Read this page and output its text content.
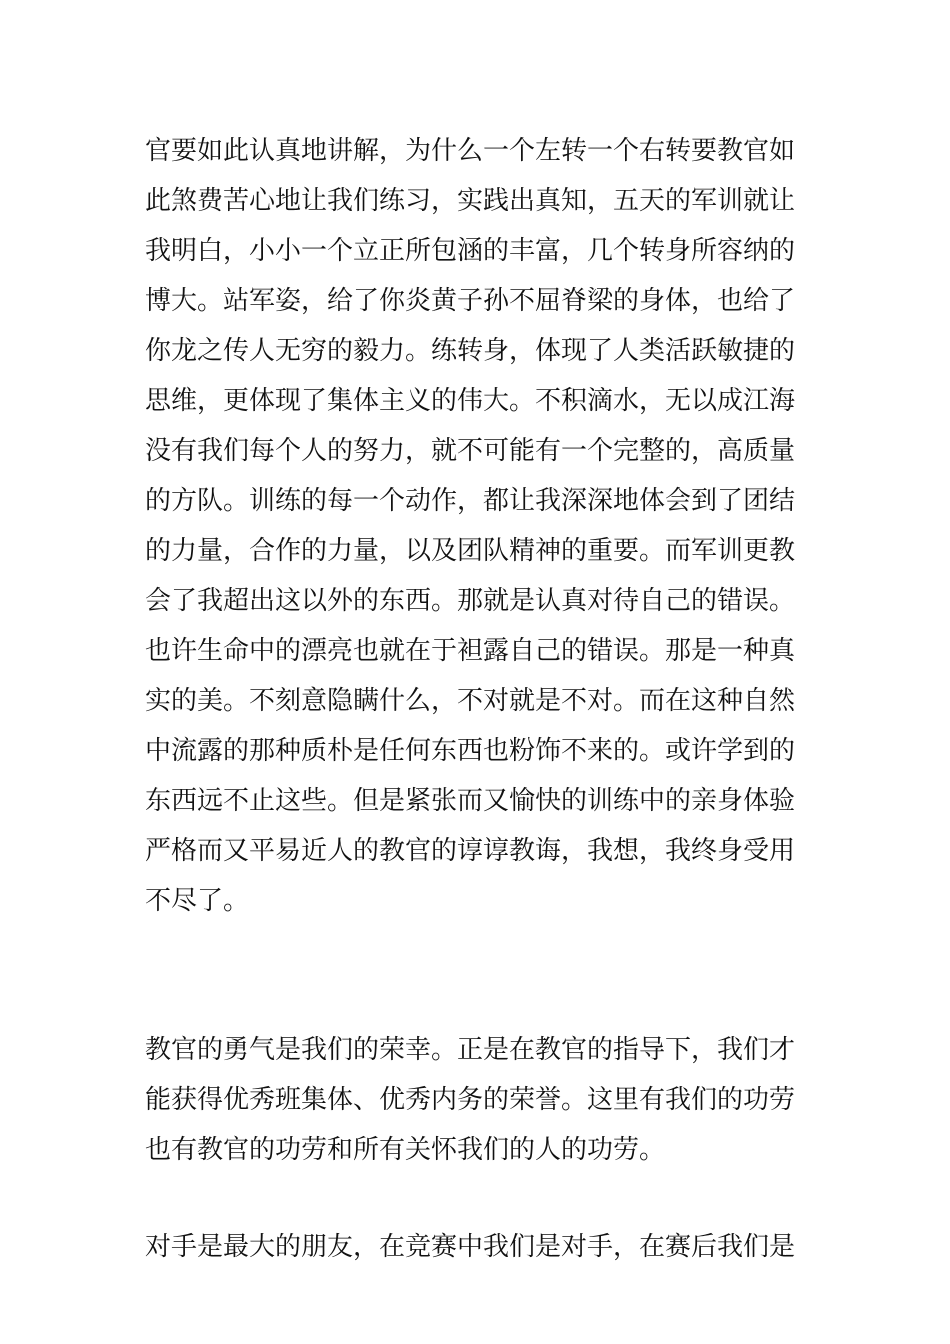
官要如此认真地讲解，为什么一个左转一个右转要教官如
此煞费苦心地让我们练习，实践出真知，五天的军训就让
我明白，小小一个立正所包涵的丰富，几个转身所容纳的
博大。站军姿，给了你炎黄子孙不屈脊梁的身体，也给了
你龙之传人无穷的毅力。练转身，体现了人类活跃敏捷的
思维，更体现了集体主义的伟大。不积滴水，无以成江海
没有我们每个人的努力，就不可能有一个完整的，高质量
的方队。训练的每一个动作，都让我深深地体会到了团结
的力量，合作的力量，以及团队精神的重要。而军训更教
会了我超出这以外的东西。那就是认真对待自己的错误。
也许生命中的漂亮也就在于袒露自己的错误。那是一种真
实的美。不刻意隐瞒什么，不对就是不对。而在这种自然
中流露的那种质朴是任何东西也粉饰不来的。或许学到的
东西远不止这些。但是紧张而又愉快的训练中的亲身体验
严格而又平易近人的教官的谆谆教诲，我想，我终身受用
不尽了。
教官的勇气是我们的荣幸。正是在教官的指导下，我们才
能获得优秀班集体、优秀内务的荣誉。这里有我们的功劳
也有教官的功劳和所有关怀我们的人的功劳。
对手是最大的朋友，在竞赛中我们是对手，在赛后我们是
